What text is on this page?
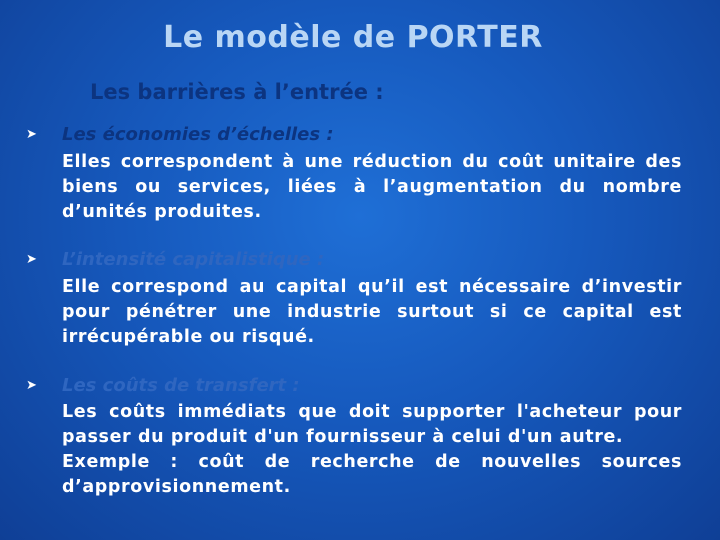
Le modèle de PORTER
Les barrières à l’entrée :
➤ Les économies d’échelles :

Elles correspondent à une réduction du coût unitaire des biens ou services, liées à l’augmentation du nombre d’unités produites.

➤ L’intensité capitalistique :

Elle correspond au capital qu’il est nécessaire d’investir pour pénétrer une industrie surtout si ce capital est irrécupérable ou risqué.

➤ Les coûts de transfert :

Les coûts immédiats que doit supporter l'acheteur pour passer du produit d'un fournisseur à celui d'un autre.

Exemple : coût de recherche de nouvelles sources d’approvisionnement.
